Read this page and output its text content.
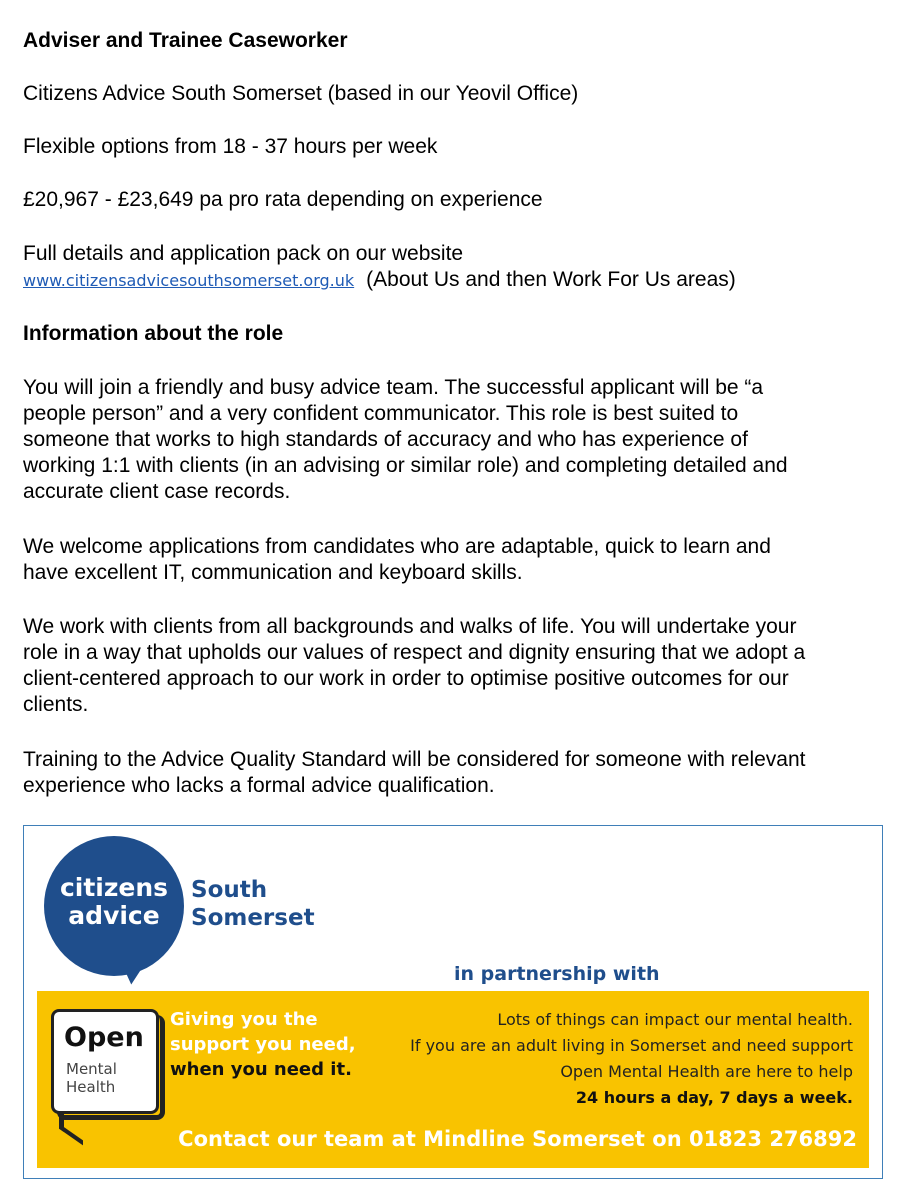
Adviser and Trainee Caseworker
Citizens Advice South Somerset (based in our Yeovil Office)
Flexible options from 18 - 37 hours per week
£20,967 - £23,649 pa pro rata depending on experience
Full details and application pack on our website
www.citizensadvicesouthsomerset.org.uk (About Us and then Work For Us areas)
Information about the role
You will join a friendly and busy advice team. The successful applicant will be “a
people person” and a very confident communicator. This role is best suited to
someone that works to high standards of accuracy and who has experience of
working 1:1 with clients (in an advising or similar role) and completing detailed and
accurate client case records.
We welcome applications from candidates who are adaptable, quick to learn and
have excellent IT, communication and keyboard skills.
We work with clients from all backgrounds and walks of life. You will undertake your
role in a way that upholds our values of respect and dignity ensuring that we adopt a
client-centered approach to our work in order to optimise positive outcomes for our
clients.
Training to the Advice Quality Standard will be considered for someone with relevant
experience who lacks a formal advice qualification.
citizens
advice
South
Somerset
in partnership with
Open
Mental
Health
Giving you the
support you need,
when you need it.
Lots of things can impact our mental health.
If you are an adult living in Somerset and need support
Open Mental Health are here to help
24 hours a day, 7 days a week.
Contact our team at Mindline Somerset on 01823 276892
